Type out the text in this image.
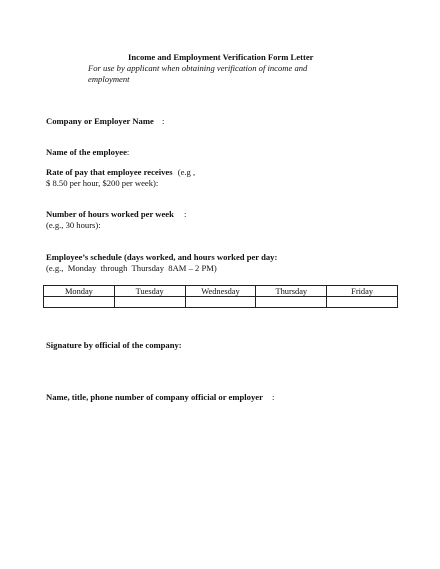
Income and Employment Verification Form Letter
For use by applicant when obtaining verification of income and employment
Company or Employer Name :
Name of the employee:
Rate of pay that employee receives (e.g ,
$ 8.50 per hour, $200 per week):
Number of hours worked per week :
(e.g., 30 hours):
Employee’s schedule (days worked, and hours worked per day:
(e.g.,  Monday  through  Thursday  8AM – 2 PM)
Monday	Tuesday	Wednesday	Thursday	Friday

Signature by official of the company:
Name, title, phone number of company official or employer :
